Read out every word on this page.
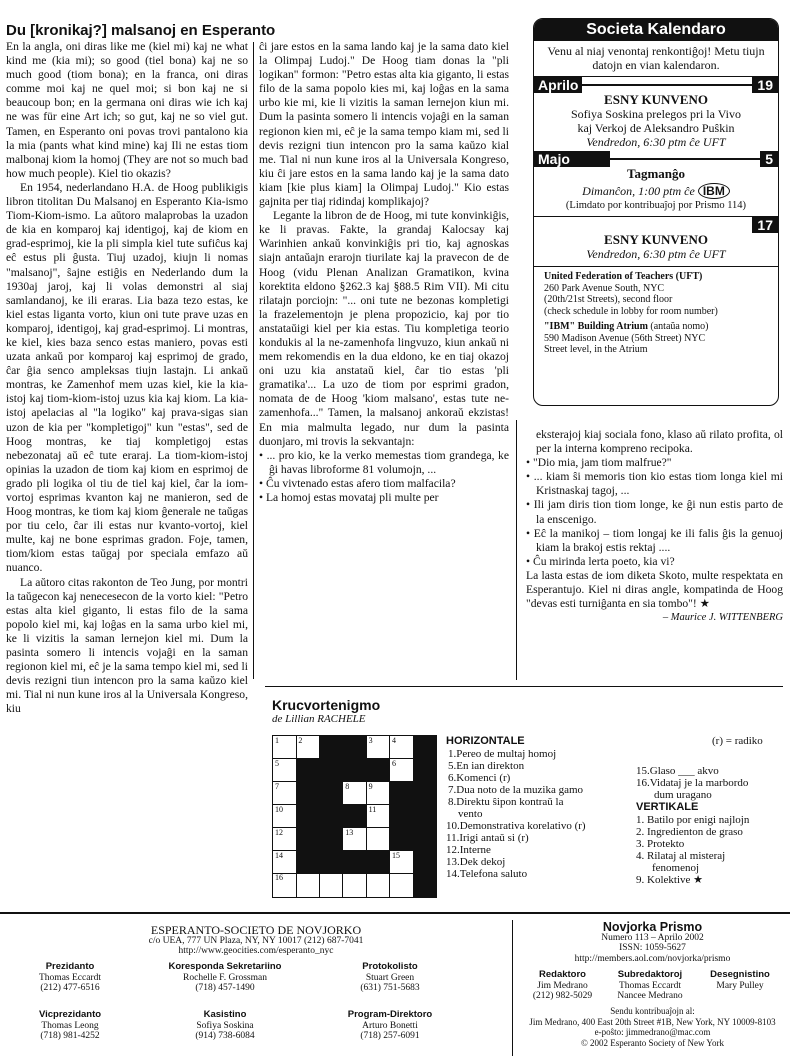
Du [kronikaj?] malsanoj en Esperanto

En la angla, oni diras like me (kiel mi) kaj ne what kind me (kia mi); so good (tiel bona) kaj ne so much good (tiom bona); en la franca, oni diras comme moi kaj ne quel moi; si bon kaj ne si beaucoup bon; en la germana oni diras wie ich kaj ne was für eine Art ich; so gut, kaj ne so viel gut. Tamen, en Esperanto oni povas trovi pantalono kia la mia (pants what kind mine) kaj Ili ne estas tiom malbonaj kiom la homoj (They are not so much bad how much people). Kiel tio okazis?

En 1954, nederlandano H.A. de Hoog publikigis libron titolitan Du Malsanoj en Esperanto Kia-ismo Tiom-Kiom-ismo. La aŭtoro malaprobas la uzadon de kia en komparoj kaj identigoj, kaj de kiom en grad-esprimoj, kie la pli simpla kiel tute sufiĉus kaj eĉ estus pli ĝusta. Tiuj uzadoj, kiujn li nomas "malsanoj", ŝajne estiĝis en Nederlando dum la 1930aj jaroj, kaj li volas demonstri al siaj samlandanoj, ke ili eraras. Lia baza tezo estas, ke kiel estas liganta vorto, kiun oni tute prave uzas en komparoj, identigoj, kaj grad-esprimoj. Li montras, ke kiel, kies baza senco estas maniero, povas esti uzata ankaŭ por komparoj kaj esprimoj de grado, ĉar ĝia senco ampleksas tiujn lastajn. Li ankaŭ montras, ke Zamenhof mem uzas kiel, kie la kia-istoj kaj tiom-kiom-istoj uzus kia kaj kiom. La kia-istoj apelacias al "la logiko" kaj prava-sigas sian uzon de kia per "kompletigoj" kun "estas", sed de Hoog montras, ke tiaj kompletigoj estas nebezonataj aŭ eĉ tute eraraj. La tiom-kiom-istoj opinias la uzadon de tiom kaj kiom en esprimoj de grado pli logika ol tiu de tiel kaj kiel, ĉar la iom-vortoj esprimas kvanton kaj ne manieron, sed de Hoog montras, ke tiom kaj kiom ĝenerale ne taŭgas por tiu celo, ĉar ili estas nur kvanto-vortoj, kiel multe, kaj ne bone esprimas gradon. Foje, tamen, tiom/kiom estas taŭgaj por speciala emfazo aŭ nuanco.

La aŭtoro citas rakonton de Teo Jung, por montri la taŭgecon kaj nenecesecon de la vorto kiel: "Petro estas alta kiel giganto, li estas filo de la sama popolo kiel mi, kaj loĝas en la sama urbo kiel mi, ke li vizitis la saman lernejon kiel mi. Dum la pasinta somero li intencis vojaĝi en la saman regionon kiel mi, eĉ je la sama tempo kiel mi, sed li devis rezigni tiun intencon pro la sama kaŭzo kiel mi. Tial ni nun kune iros al la Universala Kongreso, kiu

ĉi jare estos en la sama lando kaj je la sama dato kiel la Olimpaj Ludoj." De Hoog tiam donas la "pli logikan" formon: "Petro estas alta kia giganto, li estas filo de la sama popolo kies mi, kaj loĝas en la sama urbo kie mi, kie li vizitis la saman lernejon kiun mi. Dum la pasinta somero li intencis vojaĝi en la saman regionon kien mi, eĉ je la sama tempo kiam mi, sed li devis rezigni tiun intencon pro la sama kaŭzo kial me. Tial ni nun kune iros al la Universala Kongreso, kiu ĉi jare estos en la sama lando kaj je la sama dato kiam [kie plus kiam] la Olimpaj Ludoj." Kio estas gajnita per tiaj ridindaj komplikajoj?

Legante la libron de de Hoog, mi tute konvinkiĝis, ke li pravas. Fakte, la grandaj Kalocsay kaj Warinhien ankaŭ konvinkiĝis pri tio, kaj agnoskas siajn antaŭajn erarojn tiurilate kaj la pravecon de de Hoog (vidu Plenan Analizan Gramatikon, kvina korektita eldono §262.3 kaj §88.5 Rim VII). Mi citu rilatajn porciojn: "... oni tute ne bezonas kompletigi la frazelementojn je plena propozicio, kaj por tio anstataŭigi kiel per kia estas. Tiu kompletiga teorio kondukis al la ne-zamenhofa lingvuzo, kiun ankaŭ ni mem rekomendis en la dua eldono, ke en tiaj okazoj oni uzu kia anstataŭ kiel, ĉar tio estas 'pli gramatika'... La uzo de tiom por esprimi gradon, nomata de de Hoog 'kiom malsano', estas tute ne-zamenhofa..." Tamen, la malsanoj ankoraŭ ekzistas! En mia malmulta legado, nur dum la pasinta duonjaro, mi trovis la sekvantajn:

• ... pro kio, ke la verko memestas tiom grandega, ke ĝi havas libroforme 81 volumojn, ...

• Ĉu vivtenado estas afero tiom malfacila?

• La homoj estas movataj pli multe per

Societa Kalendaro
Venu al niaj venontaj renkontiĝoj! Metu tiujn datojn en vian kalendaron.
Aprilo	19
ESNY KUNVENO
Sofiya Soskina prelegos pri la Vivo
kaj Verkoj de Aleksandro Puŝkin
Vendredon, 6:30 ptm ĉe UFT
Majo	5
Tagmanĝo
Dimanĉon, 1:00 ptm ĉe IBM
(Limdato por kontribuaĵoj por Prismo 114)
17
ESNY KUNVENO
Vendredon, 6:30 ptm ĉe UFT
United Federation of Teachers (UFT)
260 Park Avenue South, NYC
(20th/21st Streets), second floor
(check schedule in lobby for room number)
"IBM" Building Atrium (antaŭa nomo)
590 Madison Avenue (56th Street) NYC
Street level, in the Atrium

eksterajoj kiaj sociala fono, klaso aŭ rilato profita, ol per la interna kompreno recipoka.

• "Dio mia, jam tiom malfrue?"

• ... kiam ŝi memoris tion kio estas tiom longa kiel mi Kristnaskaj tagoj, ...

• Ili jam diris tion tiom longe, ke ĝi nun estis parto de la enscenigo.

• Eĉ la manikoj – tiom longaj ke ili falis ĝis la genuoj kiam la brakoj estis rektaj ....

• Ĉu mirinda lerta poeto, kia vi?

La lasta estas de iom diketa Skoto, multe respektata en Esperantujo. Kiel ni diras angle, kompatinda de Hoog "devas esti turniĝanta en sia tombo"! ★

– Maurice J. WITTENBERG

Krucvortenigmo
de Lillian RACHELE
1 2	3 4
5	6
7	8 9
10	11
12	13
14	15
16
HORIZONTALE	(r) = radiko
1.Pereo de multaj homoj
5.En ian direkton
6.Komenci (r)
7.Dua noto de la muzika gamo
8.Direktu ŝipon kontraŭ la
vento
10.Demonstrativa korelativo (r)
11.Irigi antaŭ si (r)
12.Interne
13.Dek dekoj
14.Telefona saluto
15.Glaso ___ akvo
16.Vidataj je la marbordo
dum uragano
VERTIKALE
1. Batilo por enigi najlojn
2. Ingredienton de graso
3. Protekto
4. Rilataj al misteraj
fenomenoj
9. Kolektive ★
ESPERANTO-SOCIETO DE NOVJORKO
c/o UEA, 777 UN Plaza, NY, NY 10017 (212) 687-7041
http://www.geocities.com/esperanto_nyc
Prezidanto
Thomas Eccardt
(212) 477-6516
Koresponda Sekretariino
Rochelle F. Grossman
(718) 457-1490
Protokolisto
Stuart Green
(631) 751-5683
Vicprezidanto
Thomas Leong
(718) 981-4252
Kasistino
Sofiya Soskina
(914) 738-6084
Program-Direktoro
Arturo Bonetti
(718) 257-6091
Novjorka Prismo
Numero 113 – Aprilo 2002
ISSN: 1059-5627
http://members.aol.com/novjorka/prismo
Redaktoro
Jim Medrano
(212) 982-5029
Subredaktoroj
Thomas Eccardt
Nancee Medrano
Desegnistino
Mary Pulley
Sendu kontribuaĵojn al:
Jim Medrano, 400 East 20th Street #1B, New York, NY 10009-8103
e-poŝto: jimmedrano@mac.com
© 2002 Esperanto Society of New York
